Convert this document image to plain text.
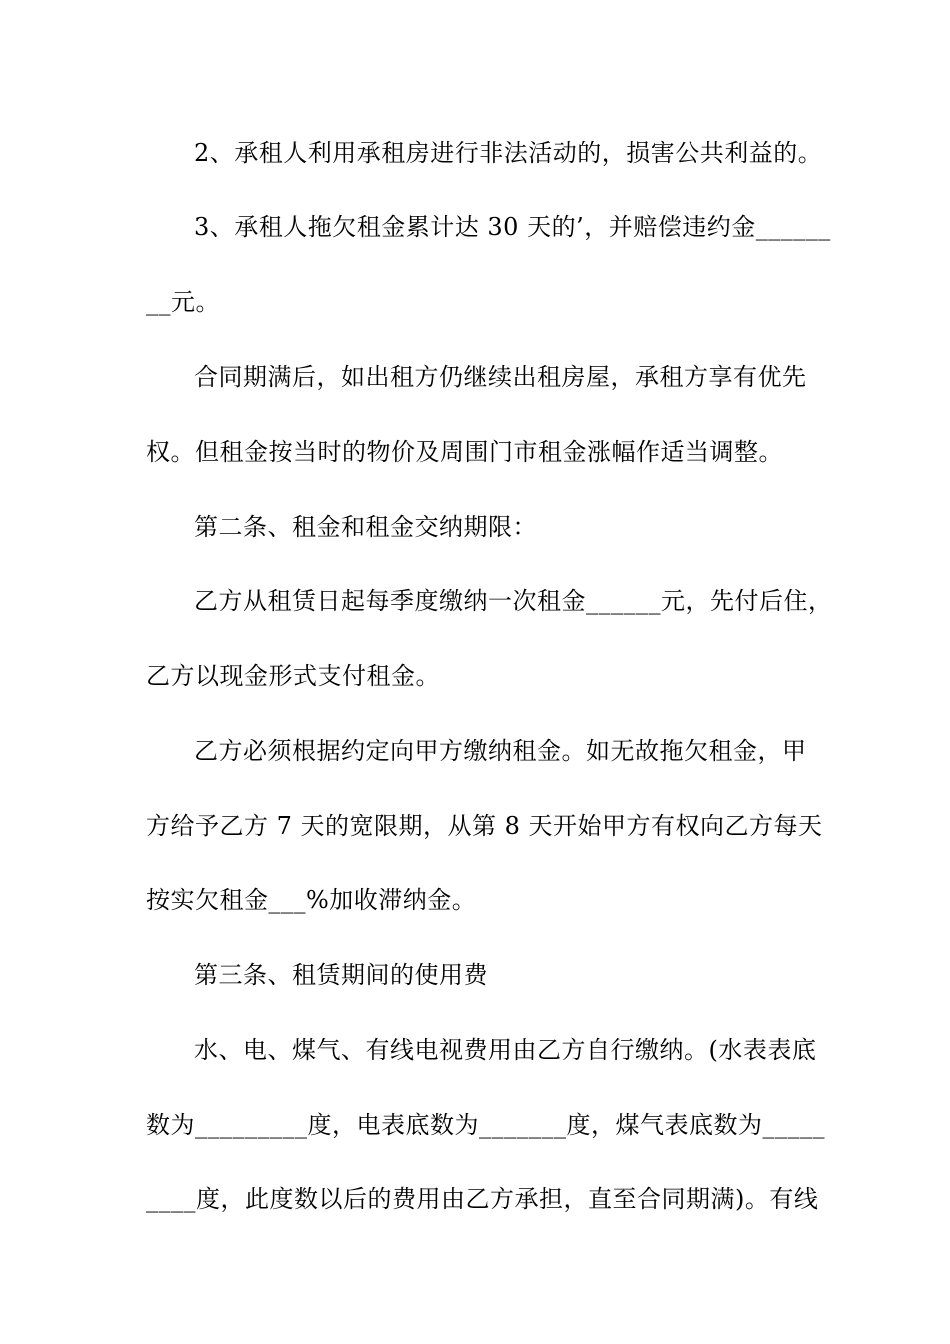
2、承租人利用承租房进行非法活动的，损害公共利益的。
3、承租人拖欠租金累计达 30 天的’，并赔偿违约金______
__元。
合同期满后，如出租方仍继续出租房屋，承租方享有优先
权。但租金按当时的物价及周围门市租金涨幅作适当调整。
第二条、租金和租金交纳期限：
乙方从租赁日起每季度缴纳一次租金______元，先付后住，
乙方以现金形式支付租金。
乙方必须根据约定向甲方缴纳租金。如无故拖欠租金，甲
方给予乙方 7 天的宽限期，从第 8 天开始甲方有权向乙方每天
按实欠租金___%加收滞纳金。
第三条、租赁期间的使用费
水、电、煤气、有线电视费用由乙方自行缴纳。(水表表底
数为_________度，电表底数为_______度，煤气表底数为_____
____度，此度数以后的费用由乙方承担，直至合同期满)。有线
